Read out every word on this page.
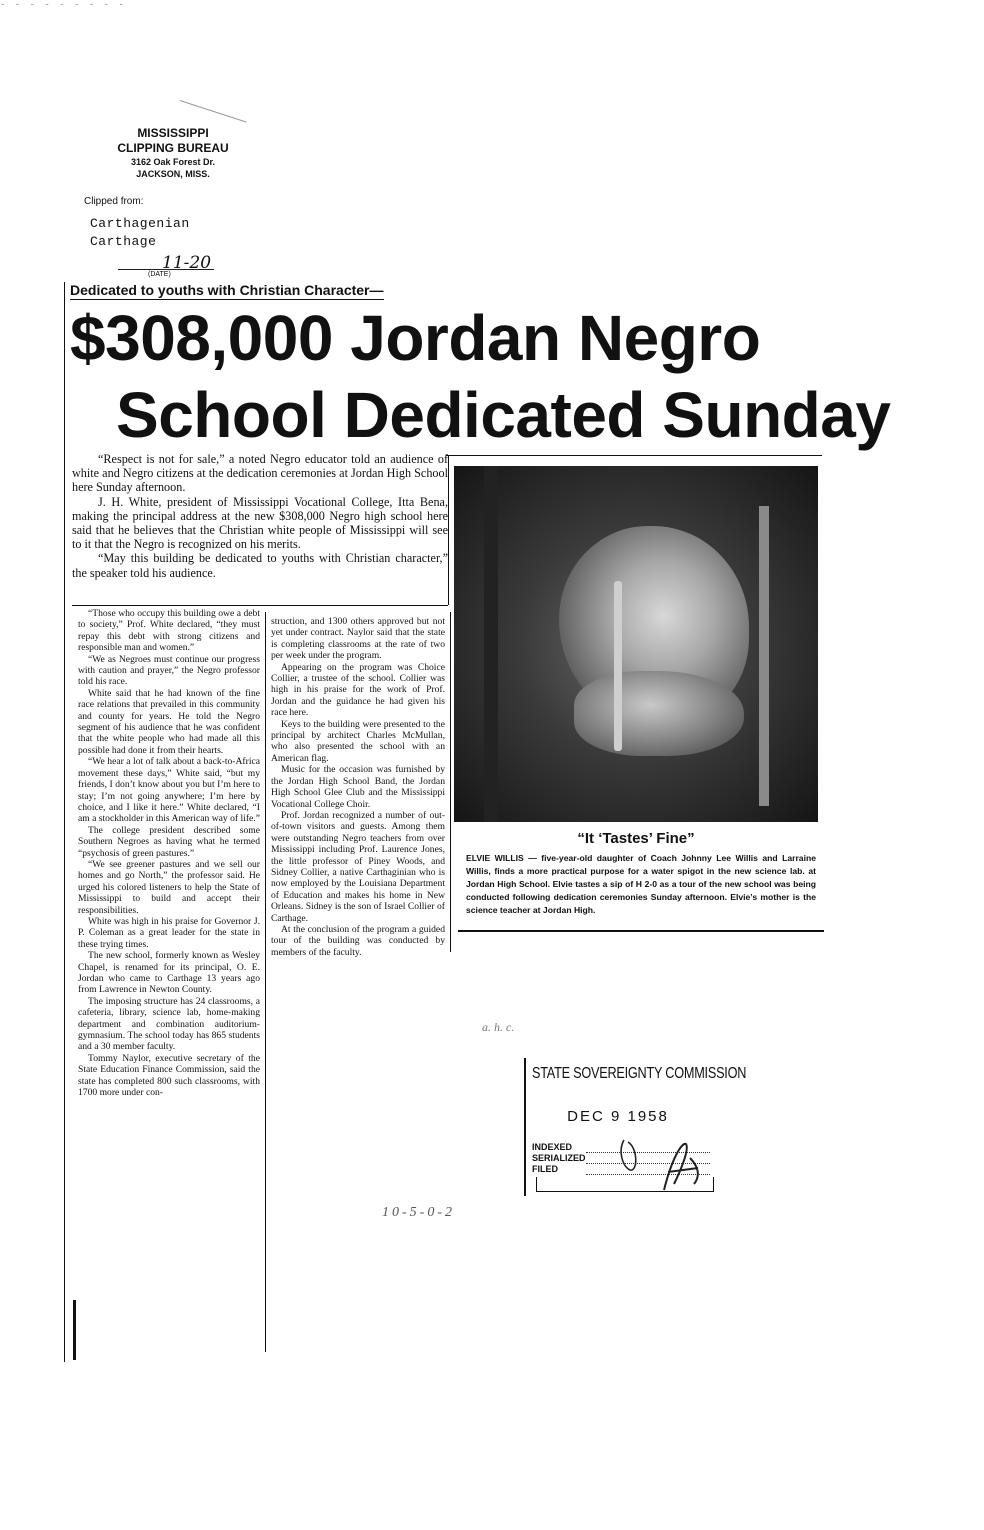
- - - - - - - - -
MISSISSIPPI
CLIPPING BUREAU
3162 Oak Forest Dr.
JACKSON, MISS.
Clipped from:
Carthagenian
Carthage
11-20
(DATE)
Dedicated to youths with Christian Character—
$308,000 Jordan Negro
School Dedicated Sunday

“Respect is not for sale,” a noted Negro educator told an audience of white and Negro citizens at the dedication ceremonies at Jordan High School here Sunday afternoon.

J. H. White, president of Mississippi Vocational College, Itta Bena, making the principal address at the new $308,000 Negro high school here said that he believes that the Christian white people of Mississippi will see to it that the Negro is recognized on his merits.

“May this building be dedicated to youths with Christian character,” the speaker told his audience.

“Those who occupy this building owe a debt to society,” Prof. White declared, “they must repay this debt with strong citizens and responsible man and women.”

“We as Negroes must continue our progress with caution and prayer,” the Negro professor told his race.

White said that he had known of the fine race relations that prevailed in this community and county for years. He told the Negro segment of his audience that he was confident that the white people who had made all this possible had done it from their hearts.

“We hear a lot of talk about a back-to-Africa movement these days,” White said, “but my friends, I don’t know about you but I’m here to stay; I’m not going anywhere; I’m here by choice, and I like it here.” White declared, “I am a stockholder in this American way of life.”

The college president described some Southern Negroes as having what he termed “psychosis of green pastures.”

“We see greener pastures and we sell our homes and go North,” the professor said. He urged his colored listeners to help the State of Mississippi to build and accept their responsibilities.

White was high in his praise for Governor J. P. Coleman as a great leader for the state in these trying times.

The new school, formerly known as Wesley Chapel, is renamed for its principal, O. E. Jordan who came to Carthage 13 years ago from Lawrence in Newton County.

The imposing structure has 24 classrooms, a cafeteria, library, science lab, home-making department and combination auditorium-gymnasium. The school today has 865 students and a 30 member faculty.

Tommy Naylor, executive secretary of the State Education Finance Commission, said the state has completed 800 such classrooms, with 1700 more under con-

struction, and 1300 others approved but not yet under contract. Naylor said that the state is completing classrooms at the rate of two per week under the program.

Appearing on the program was Choice Collier, a trustee of the school. Collier was high in his praise for the work of Prof. Jordan and the guidance he had given his race here.

Keys to the building were presented to the principal by architect Charles McMullan, who also presented the school with an American flag.

Music for the occasion was furnished by the Jordan High School Band, the Jordan High School Glee Club and the Mississippi Vocational College Choir.

Prof. Jordan recognized a number of out-of-town visitors and guests. Among them were outstanding Negro teachers from over Mississippi including Prof. Laurence Jones, the little professor of Piney Woods, and Sidney Collier, a native Carthaginian who is now employed by the Louisiana Department of Education and makes his home in New Orleans. Sidney is the son of Israel Collier of Carthage.

At the conclusion of the program a guided tour of the building was conducted by members of the faculty.

“It ‘Tastes’ Fine”
ELVIE WILLIS — five-year-old daughter of Coach Johnny Lee Willis and Larraine Willis, finds a more practical purpose for a water spigot in the new science lab. at Jordan High School. Elvie tastes a sip of H 2-0 as a tour of the new school was being conducted following dedication ceremonies Sunday afternoon. Elvie’s mother is the science teacher at Jordan High.
a. h. c.
STATE SOVEREIGNTY COMMISSION
DEC 9 1958
INDEXED
SERIALIZED
FILED
10-5-0-2
